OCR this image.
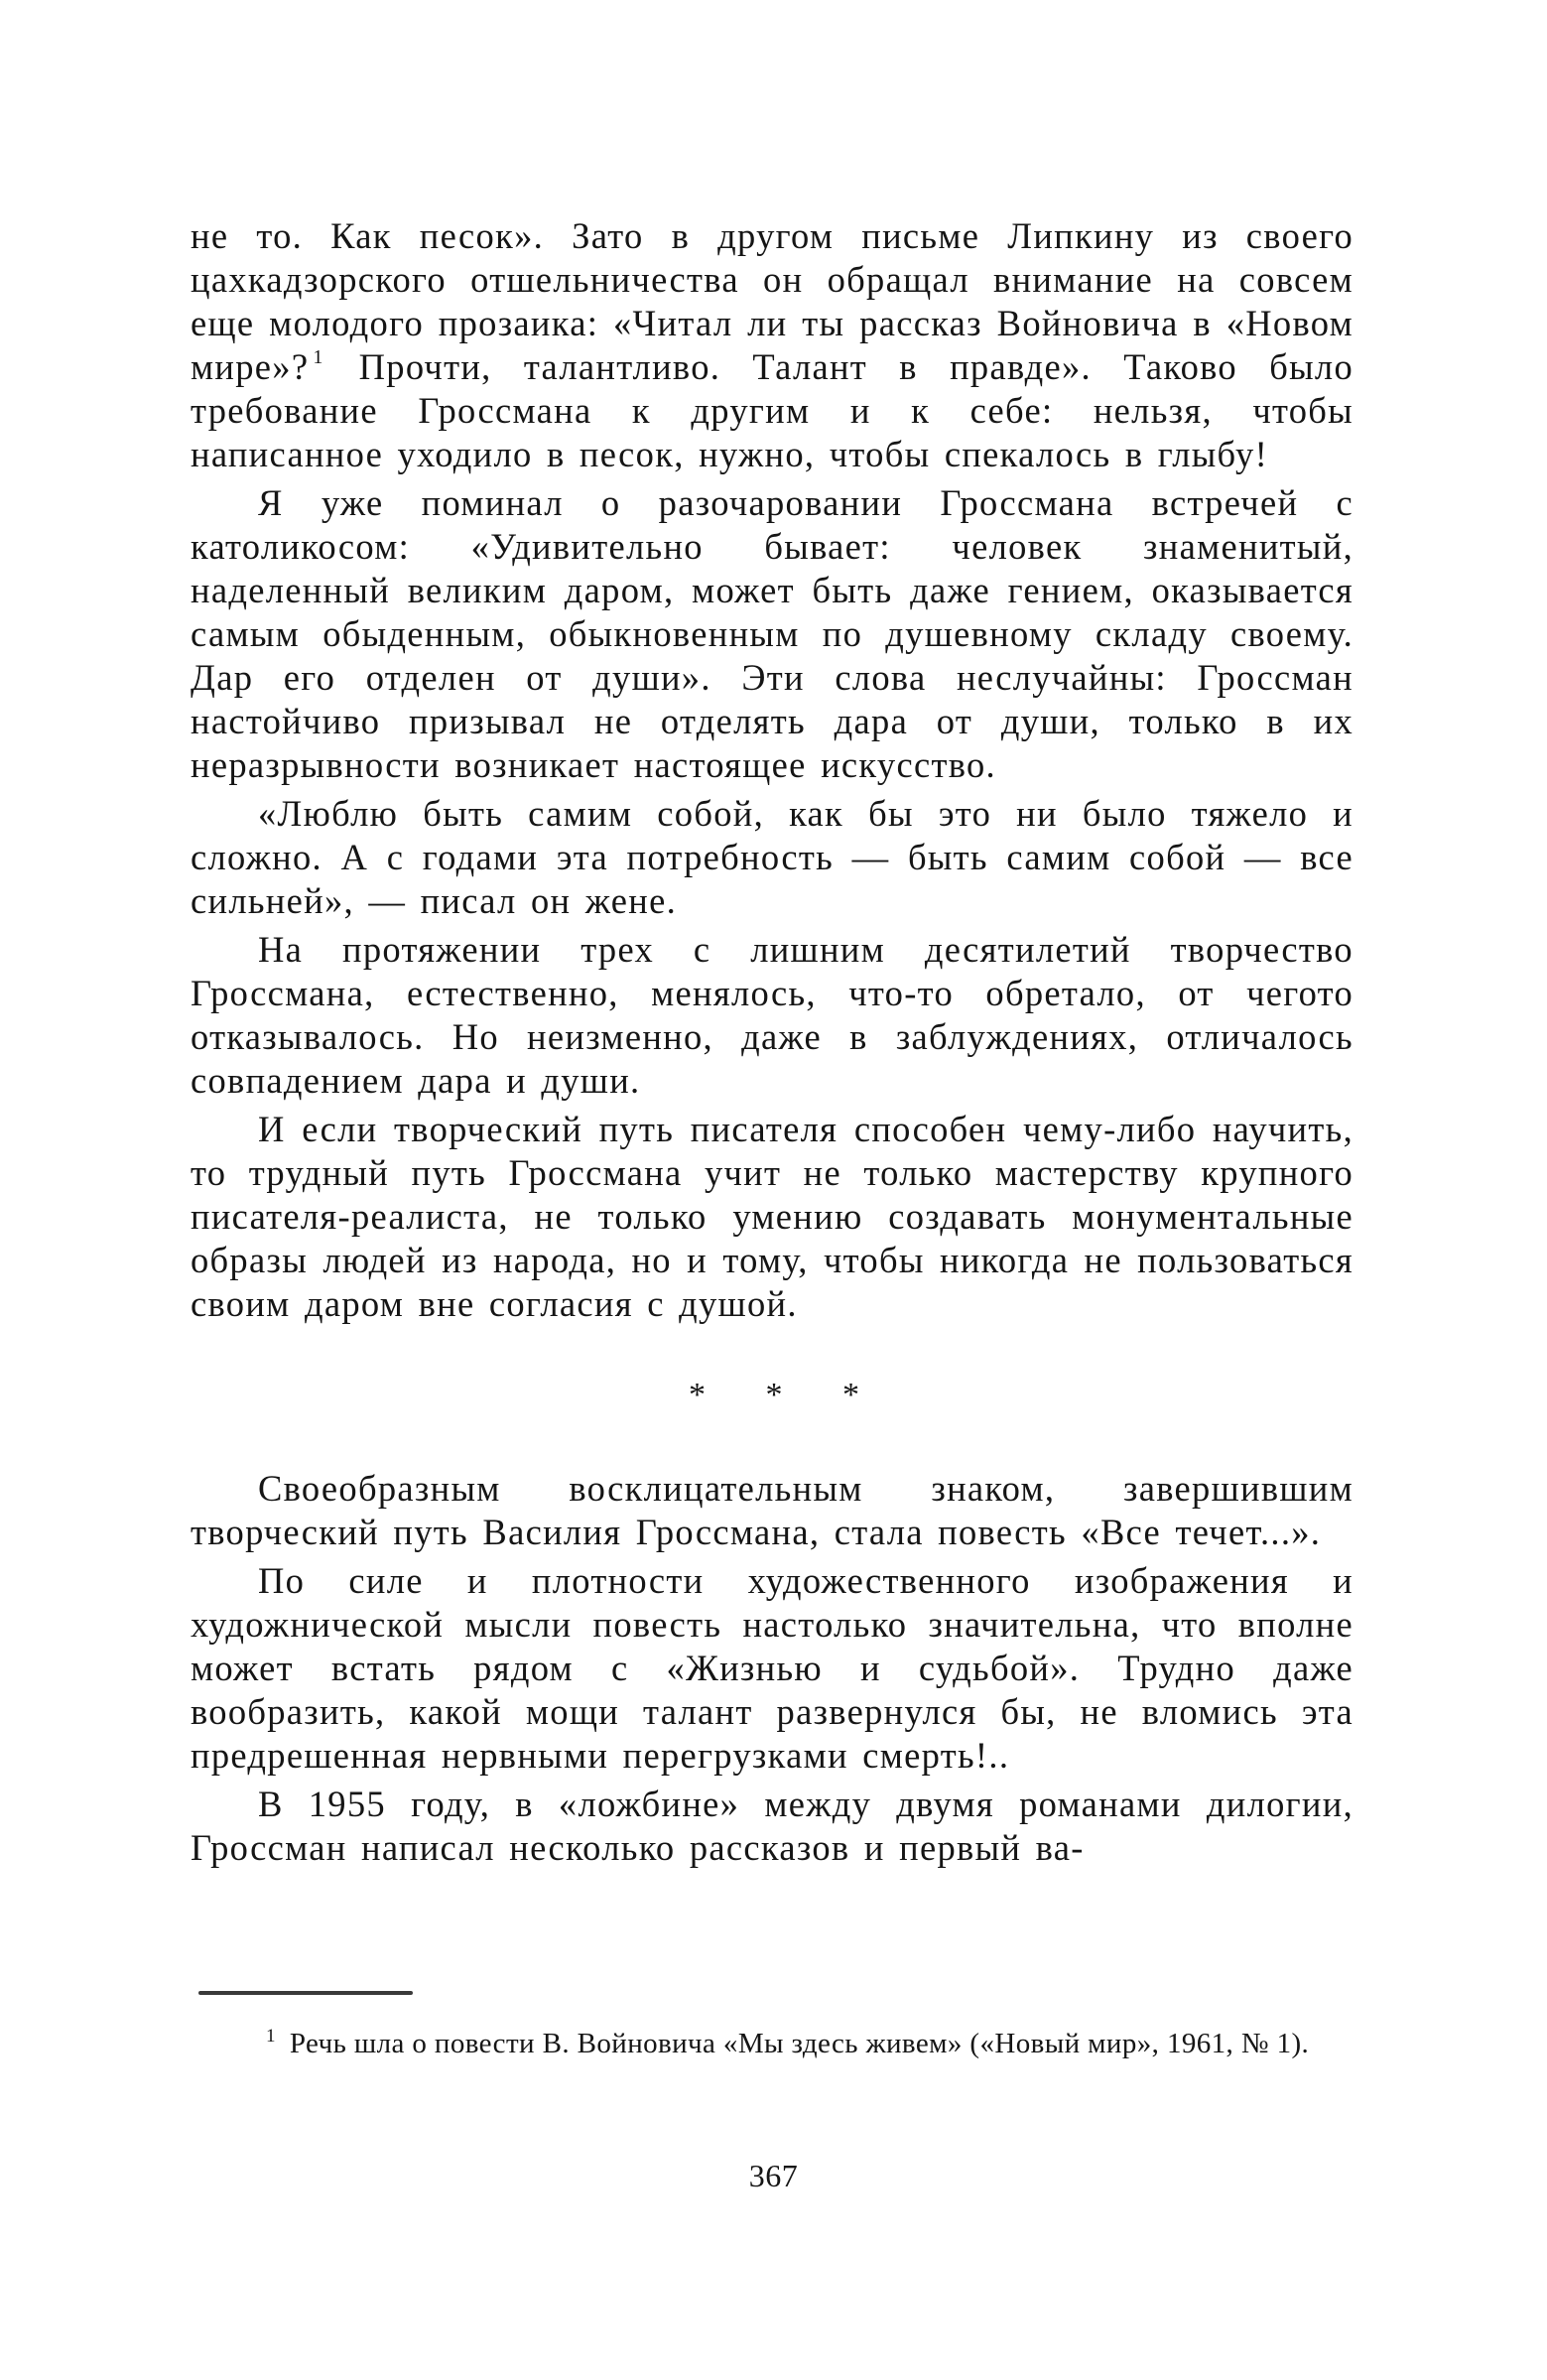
не то. Как песок». Зато в другом письме Липкину из своего цахкадзорского отшельничества он обращал внимание на совсем еще молодого прозаика: «Читал ли ты рассказ Войновича в «Новом мире»? $^1$ Прочти, талантливо. Талант в правде». Таково было требование Гроссмана к другим и к себе: нельзя, чтобы написанное уходило в песок, нужно, чтобы спекалось в глыбу!

Я уже поминал о разочаровании Гроссмана встречей с католикосом: «Удивительно бывает: человек знаменитый, наделенный великим даром, может быть даже гением, оказывается самым обыденным, обыкновенным по душевному складу своему. Дар его отделен от души». Эти слова неслучайны: Гроссман настойчиво призывал не отделять дара от души, только в их неразрывности возникает настоящее искусство.

«Люблю быть самим собой, как бы это ни было тяжело и сложно. А с годами эта потребность — быть самим собой — все сильней», — писал он жене.

На протяжении трех с лишним десятилетий творчество Гроссмана, естественно, менялось, что-то обретало, от чегото отказывалось. Но неизменно, даже в заблуждениях, отличалось совпадением дара и души.

И если творческий путь писателя способен чему-либо научить, то трудный путь Гроссмана учит не только мастерству крупного писателя-реалиста, не только умению создавать монументальные образы людей из народа, но и тому, чтобы никогда не пользоваться своим даром вне согласия с душой.

* * *

Своеобразным восклицательным знаком, завершившим творческий путь Василия Гроссмана, стала повесть «Все течет...».

По силе и плотности художественного изображения и художнической мысли повесть настолько значительна, что вполне может встать рядом с «Жизнью и судьбой». Трудно даже вообразить, какой мощи талант развернулся бы, не вломись эта предрешенная нервными перегрузками смерть!..

В 1955 году, в «ложбине» между двумя романами дилогии, Гроссман написал несколько рассказов и первый ва-

$^1$ Речь шла о повести В. Войновича «Мы здесь живем» («Новый мир», 1961, № 1).

367
